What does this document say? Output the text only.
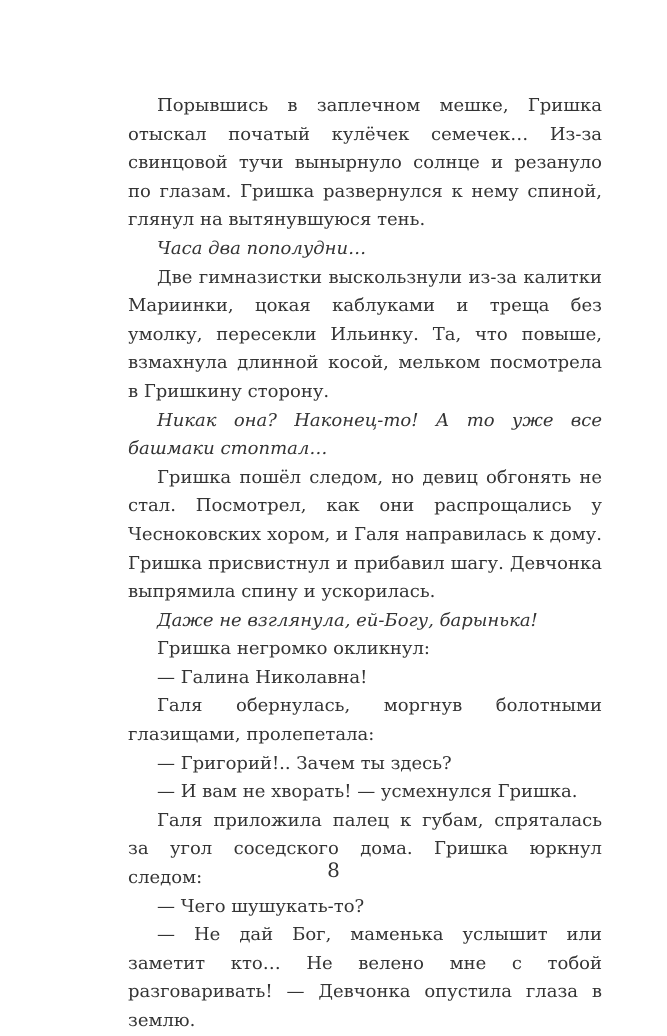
Порывшись в заплечном мешке, Гришка отыскал початый кулёчек семечек… Из-за свинцовой тучи вынырнуло солнце и резануло по глазам. Гришка развернулся к нему спиной, глянул на вытянувшуюся тень.

Часа два пополудни…

Две гимназистки выскользнули из-за калитки Мариинки, цокая каблуками и треща без умолку, пересекли Ильинку. Та, что повыше, взмахнула длинной косой, мельком посмотрела в Гришкину сторону.

Никак она? Наконец-то! А то уже все башмаки стоптал…

Гришка пошёл следом, но девиц обгонять не стал. Посмотрел, как они распрощались у Чесноковских хором, и Галя направилась к дому. Гришка присвистнул и прибавил шагу. Девчонка выпрямила спину и ускорилась.

Даже не взглянула, ей-Богу, барынька!

Гришка негромко окликнул:

— Галина Николавна!

Галя обернулась, моргнув болотными глазищами, пролепетала:

— Григорий!.. Зачем ты здесь?

— И вам не хворать! — усмехнулся Гришка.

Галя приложила палец к губам, спряталась за угол соседского дома. Гришка юркнул следом:

— Чего шушукать-то?

— Не дай Бог, маменька услышит или заметит кто… Не велено мне с тобой разговаривать! — Девчонка опустила глаза в землю.

8
